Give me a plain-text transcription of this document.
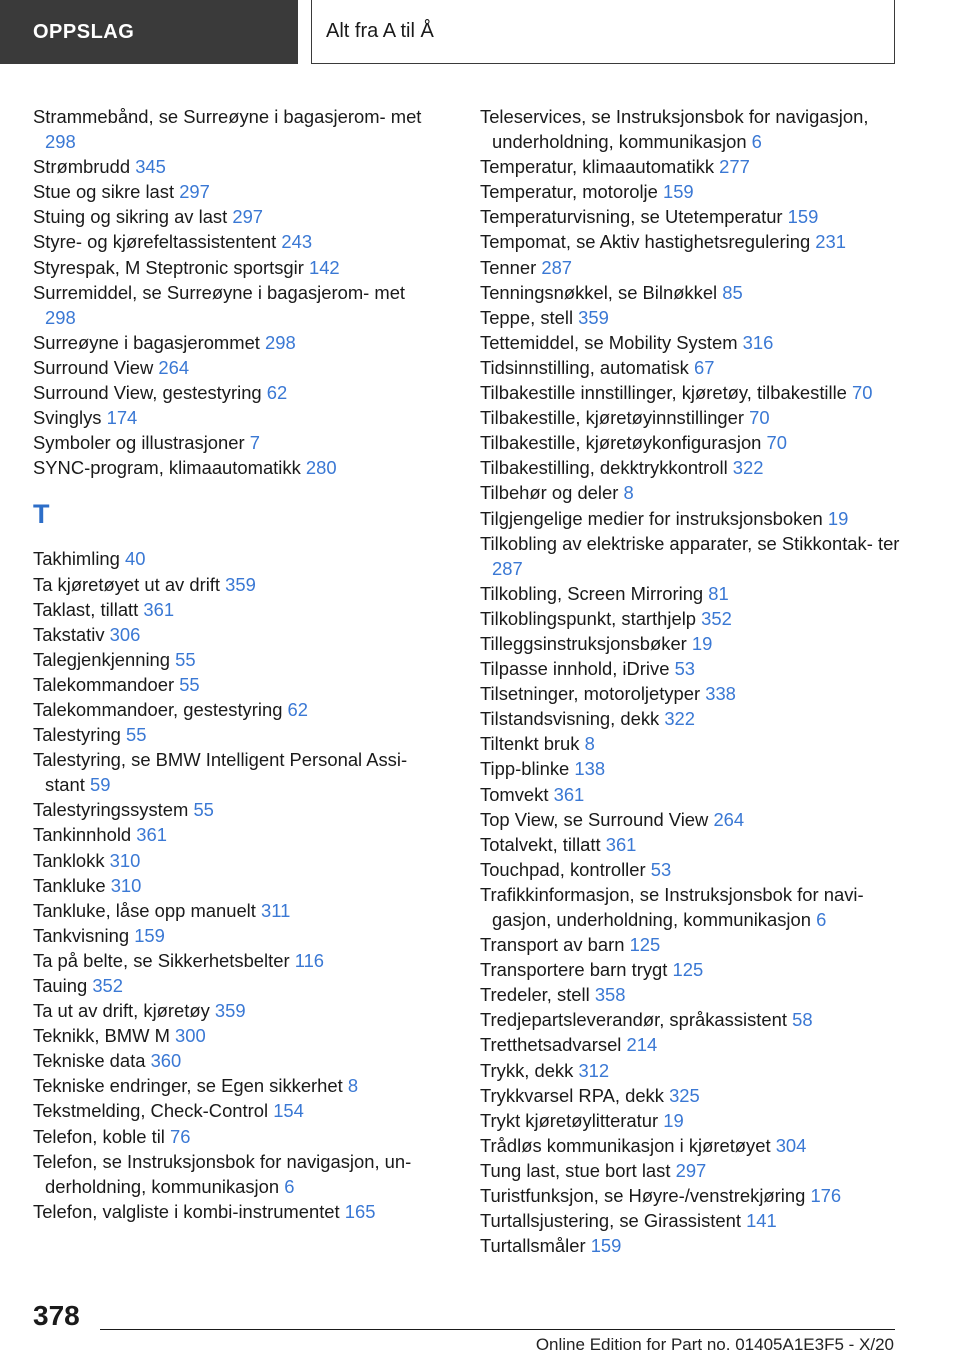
OPPSLAG	Alt fra A til Å
Strammebånd, se Surreøyne i bagasjerom‐ met 298
Strømbrudd 345
Stue og sikre last 297
Stuing og sikring av last 297
Styre- og kjørefeltassistentent 243
Styrespak, M Steptronic sportsgir 142
Surremiddel, se Surreøyne i bagasjerom‐ met 298
Surreøyne i bagasjerommet 298
Surround View 264
Surround View, gestestyring 62
Svinglys 174
Symboler og illustrasjoner 7
SYNC-program, klimaautomatikk 280
T
Takhimling 40
Ta kjøretøyet ut av drift 359
Taklast, tillatt 361
Takstativ 306
Talegjenkjenning 55
Talekommandoer 55
Talekommandoer, gestestyring 62
Talestyring 55
Talestyring, se BMW Intelligent Personal Assi‐ stant 59
Talestyringssystem 55
Tankinnhold 361
Tanklokk 310
Tankluke 310
Tankluke, låse opp manuelt 311
Tankvisning 159
Ta på belte, se Sikkerhetsbelter 116
Tauing 352
Ta ut av drift, kjøretøy 359
Teknikk, BMW M 300
Tekniske data 360
Tekniske endringer, se Egen sikkerhet 8
Tekstmelding, Check-Control 154
Telefon, koble til 76
Telefon, se Instruksjonsbok for navigasjon, un‐ derholdning, kommunikasjon 6
Telefon, valgliste i kombi-instrumentet 165
Teleservices, se Instruksjonsbok for navigasjon, underholdning, kommunikasjon 6
Temperatur, klimaautomatikk 277
Temperatur, motorolje 159
Temperaturvisning, se Utetemperatur 159
Tempomat, se Aktiv hastighetsregulering 231
Tenner 287
Tenningsnøkkel, se Bilnøkkel 85
Teppe, stell 359
Tettemiddel, se Mobility System 316
Tidsinnstilling, automatisk 67
Tilbakestille innstillinger, kjøretøy, tilbakestille 70
Tilbakestille, kjøretøyinnstillinger 70
Tilbakestille, kjøretøykonfigurasjon 70
Tilbakestilling, dekktrykkontroll 322
Tilbehør og deler 8
Tilgjengelige medier for instruksjonsboken 19
Tilkobling av elektriske apparater, se Stikkontak‐ ter 287
Tilkobling, Screen Mirroring 81
Tilkoblingspunkt, starthjelp 352
Tilleggsinstruksjonsbøker 19
Tilpasse innhold, iDrive 53
Tilsetninger, motoroljetyper 338
Tilstandsvisning, dekk 322
Tiltenkt bruk 8
Tipp-blinke 138
Tomvekt 361
Top View, se Surround View 264
Totalvekt, tillatt 361
Touchpad, kontroller 53
Trafikkinformasjon, se Instruksjonsbok for navi‐ gasjon, underholdning, kommunikasjon 6
Transport av barn 125
Transportere barn trygt 125
Tredeler, stell 358
Tredjepartsleverandør, språkassistent 58
Tretthetsadvarsel 214
Trykk, dekk 312
Trykkvarsel RPA, dekk 325
Trykt kjøretøylitteratur 19
Trådløs kommunikasjon i kjøretøyet 304
Tung last, stue bort last 297
Turistfunksjon, se Høyre-/venstrekjøring 176
Turtallsjustering, se Girassistent 141
Turtallsmåler 159
378
Online Edition for Part no. 01405A1E3F5 - X/20
